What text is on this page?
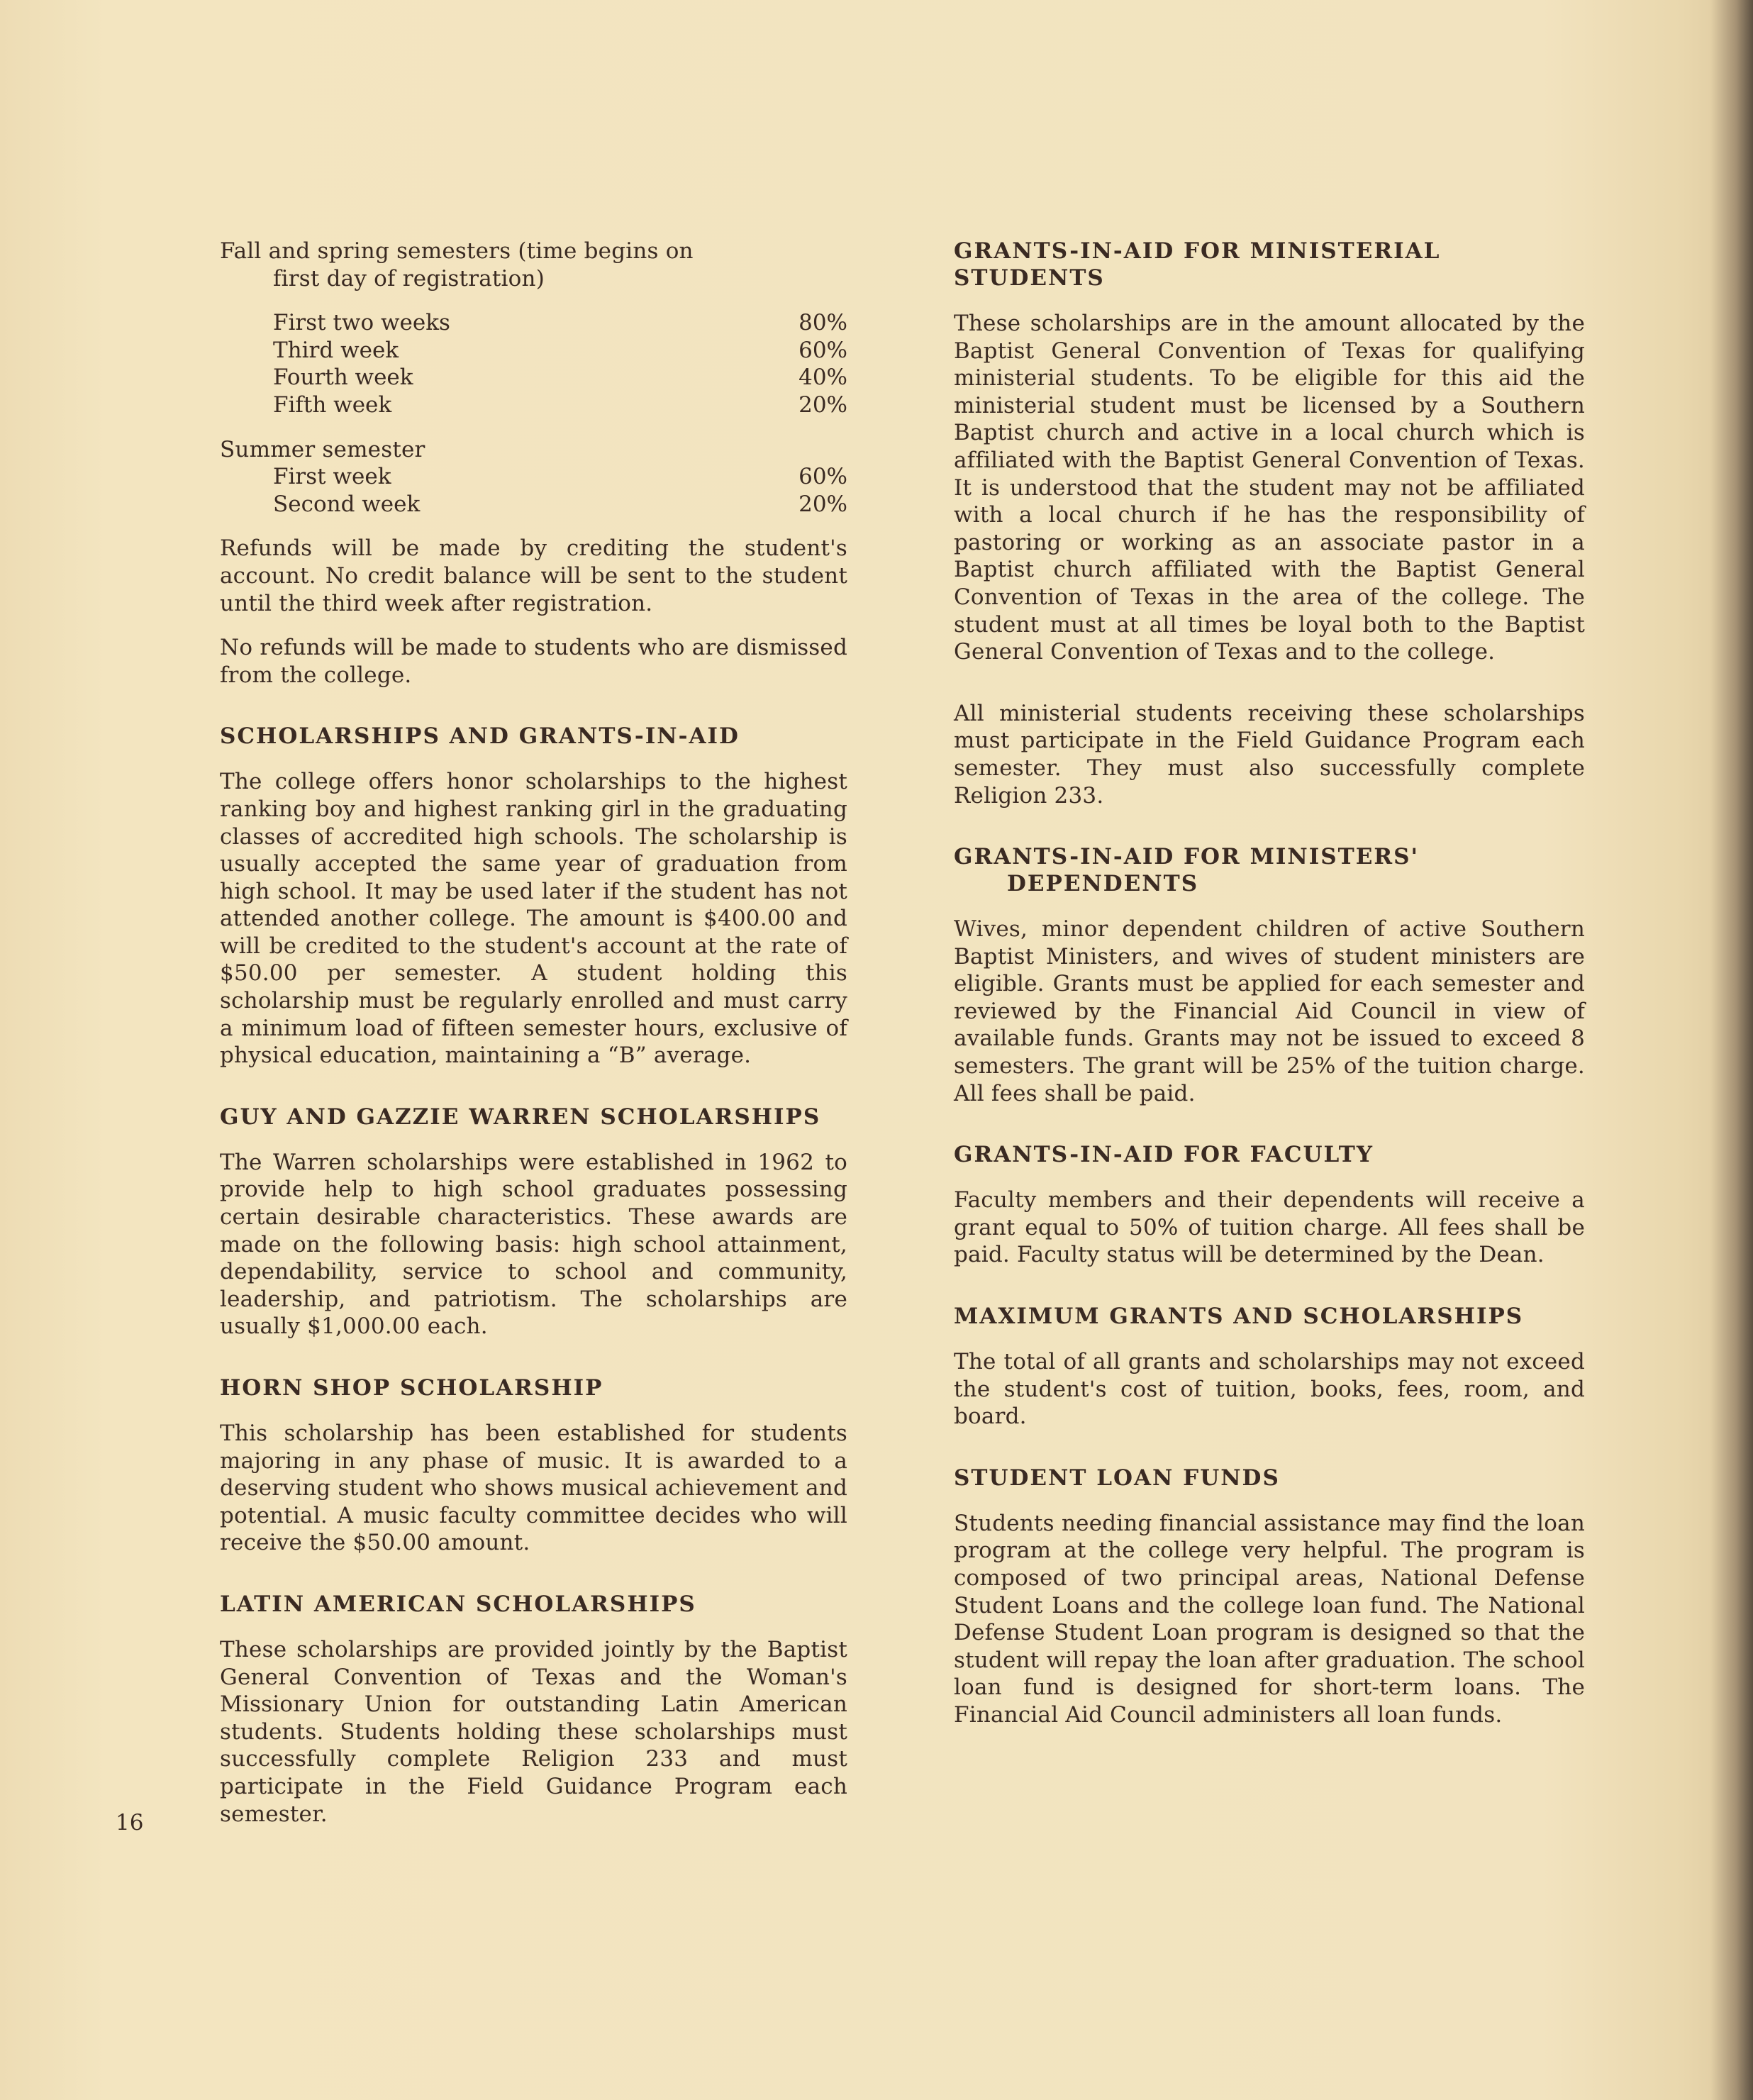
Fall and spring semesters (time begins on

first day of registration)

First two weeks	80%
Third week	60%
Fourth week	40%
Fifth week	20%

Summer semester

First week	60%
Second week	20%

Refunds will be made by crediting the student's account. No credit balance will be sent to the student until the third week after registration.

No refunds will be made to students who are dismissed from the college.

SCHOLARSHIPS AND GRANTS-IN-AID

The college offers honor scholarships to the highest ranking boy and highest ranking girl in the graduating classes of accredited high schools. The scholarship is usually accepted the same year of graduation from high school. It may be used later if the student has not attended another college. The amount is $400.00 and will be credited to the student's account at the rate of $50.00 per semester. A student holding this scholarship must be regularly enrolled and must carry a minimum load of fifteen semester hours, exclusive of physical education, maintaining a “B” average.

GUY AND GAZZIE WARREN SCHOLARSHIPS

The Warren scholarships were established in 1962 to provide help to high school graduates possessing certain desirable characteristics. These awards are made on the following basis: high school attainment, dependability, service to school and community, leadership, and patriotism. The scholarships are usually $1,000.00 each.

HORN SHOP SCHOLARSHIP

This scholarship has been established for students majoring in any phase of music. It is awarded to a deserving student who shows musical achievement and potential. A music faculty committee decides who will receive the $50.00 amount.

LATIN AMERICAN SCHOLARSHIPS

These scholarships are provided jointly by the Baptist General Convention of Texas and the Woman's Missionary Union for outstanding Latin American students. Students holding these scholarships must successfully complete Religion 233 and must participate in the Field Guidance Program each semester.

GRANTS-IN-AID FOR MINISTERIAL STUDENTS

These scholarships are in the amount allocated by the Baptist General Convention of Texas for qualifying ministerial students. To be eligible for this aid the ministerial student must be licensed by a Southern Baptist church and active in a local church which is affiliated with the Baptist General Convention of Texas. It is understood that the student may not be affiliated with a local church if he has the responsibility of pastoring or working as an associate pastor in a Baptist church affiliated with the Baptist General Convention of Texas in the area of the college. The student must at all times be loyal both to the Baptist General Convention of Texas and to the college.

All ministerial students receiving these scholarships must participate in the Field Guidance Program each semester. They must also successfully complete Religion 233.

GRANTS-IN-AID FOR MINISTERS'
DEPENDENTS

Wives, minor dependent children of active Southern Baptist Ministers, and wives of student ministers are eligible. Grants must be applied for each semester and reviewed by the Financial Aid Council in view of available funds. Grants may not be issued to exceed 8 semesters. The grant will be 25% of the tuition charge. All fees shall be paid.

GRANTS-IN-AID FOR FACULTY

Faculty members and their dependents will receive a grant equal to 50% of tuition charge. All fees shall be paid. Faculty status will be determined by the Dean.

MAXIMUM GRANTS AND SCHOLARSHIPS

The total of all grants and scholarships may not exceed the student's cost of tuition, books, fees, room, and board.

STUDENT LOAN FUNDS

Students needing financial assistance may find the loan program at the college very helpful. The program is composed of two principal areas, National Defense Student Loans and the college loan fund. The National Defense Student Loan program is designed so that the student will repay the loan after graduation. The school loan fund is designed for short-term loans. The Financial Aid Council administers all loan funds.

16
